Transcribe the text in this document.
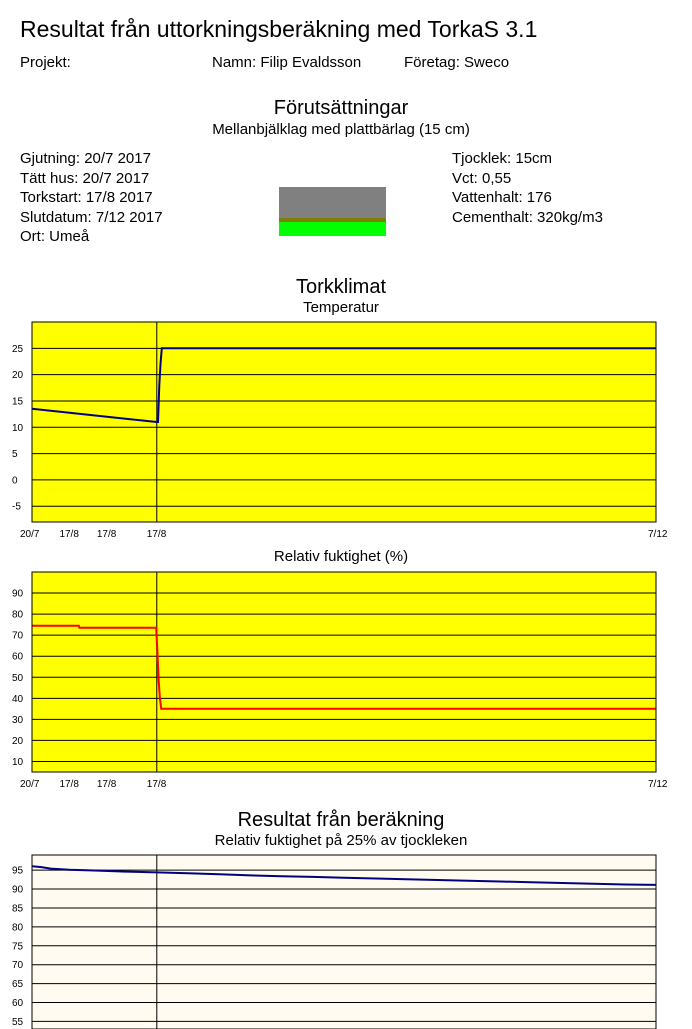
Resultat från uttorkningsberäkning med TorkaS 3.1
Projekt:	Namn: Filip Evaldsson	Företag: Sweco
Förutsättningar
Mellanbjälklag med plattbärlag (15 cm)
Gjutning: 20/7 2017
Tätt hus: 20/7 2017
Torkstart: 17/8 2017
Slutdatum: 7/12 2017
Ort: Umeå
Tjocklek: 15cm
Vct: 0,55
Vattenhalt: 176
Cementhalt: 320kg/m3
Torkklimat
Temperatur
-5
0
5
10
15
20
25
20/7 17/8 17/8	17/8	7/12
Relativ fuktighet (%)
10
20
30
40
50
60
70
80
90
20/7 17/8 17/8	17/8	7/12
Resultat från beräkning
Relativ fuktighet på 25% av tjockleken
55
60
65
70
75
80
85
90
95
